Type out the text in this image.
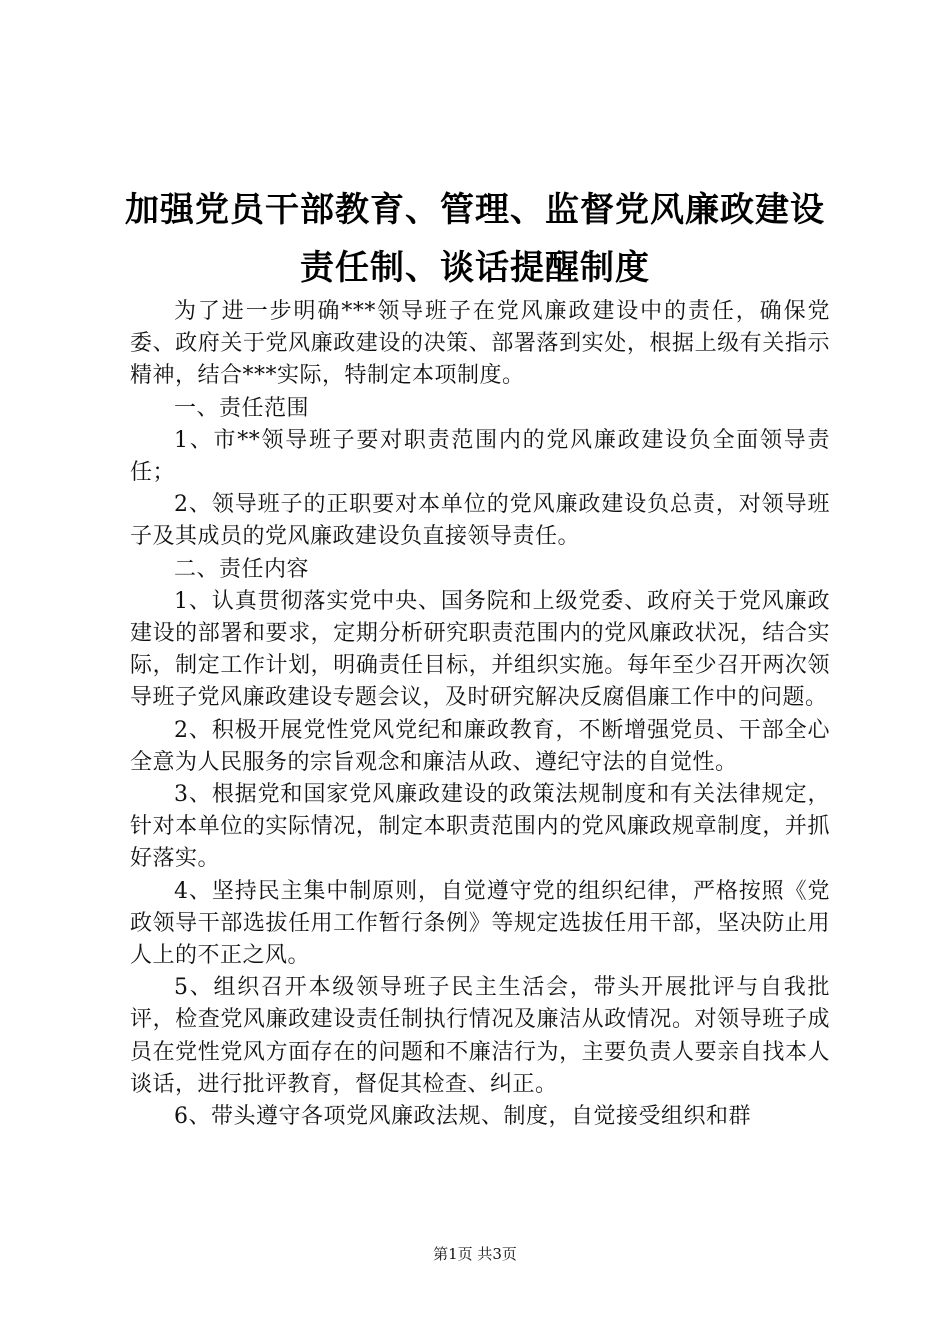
加强党员干部教育、管理、监督党风廉政建设
责任制、谈话提醒制度

为了进一步明确***领导班子在党风廉政建设中的责任，确保党委、政府关于党风廉政建设的决策、部署落到实处，根据上级有关指示精神，结合***实际，特制定本项制度。

一、责任范围

1、市**领导班子要对职责范围内的党风廉政建设负全面领导责任；

2、领导班子的正职要对本单位的党风廉政建设负总责，对领导班子及其成员的党风廉政建设负直接领导责任。

二、责任内容

1、认真贯彻落实党中央、国务院和上级党委、政府关于党风廉政建设的部署和要求，定期分析研究职责范围内的党风廉政状况，结合实际，制定工作计划，明确责任目标，并组织实施。每年至少召开两次领导班子党风廉政建设专题会议，及时研究解决反腐倡廉工作中的问题。

2、积极开展党性党风党纪和廉政教育，不断增强党员、干部全心全意为人民服务的宗旨观念和廉洁从政、遵纪守法的自觉性。

3、根据党和国家党风廉政建设的政策法规制度和有关法律规定，针对本单位的实际情况，制定本职责范围内的党风廉政规章制度，并抓好落实。

4、坚持民主集中制原则，自觉遵守党的组织纪律，严格按照《党政领导干部选拔任用工作暂行条例》等规定选拔任用干部，坚决防止用人上的不正之风。

5、组织召开本级领导班子民主生活会，带头开展批评与自我批评，检查党风廉政建设责任制执行情况及廉洁从政情况。对领导班子成员在党性党风方面存在的问题和不廉洁行为，主要负责人要亲自找本人谈话，进行批评教育，督促其检查、纠正。

6、带头遵守各项党风廉政法规、制度，自觉接受组织和群

第1页 共3页
